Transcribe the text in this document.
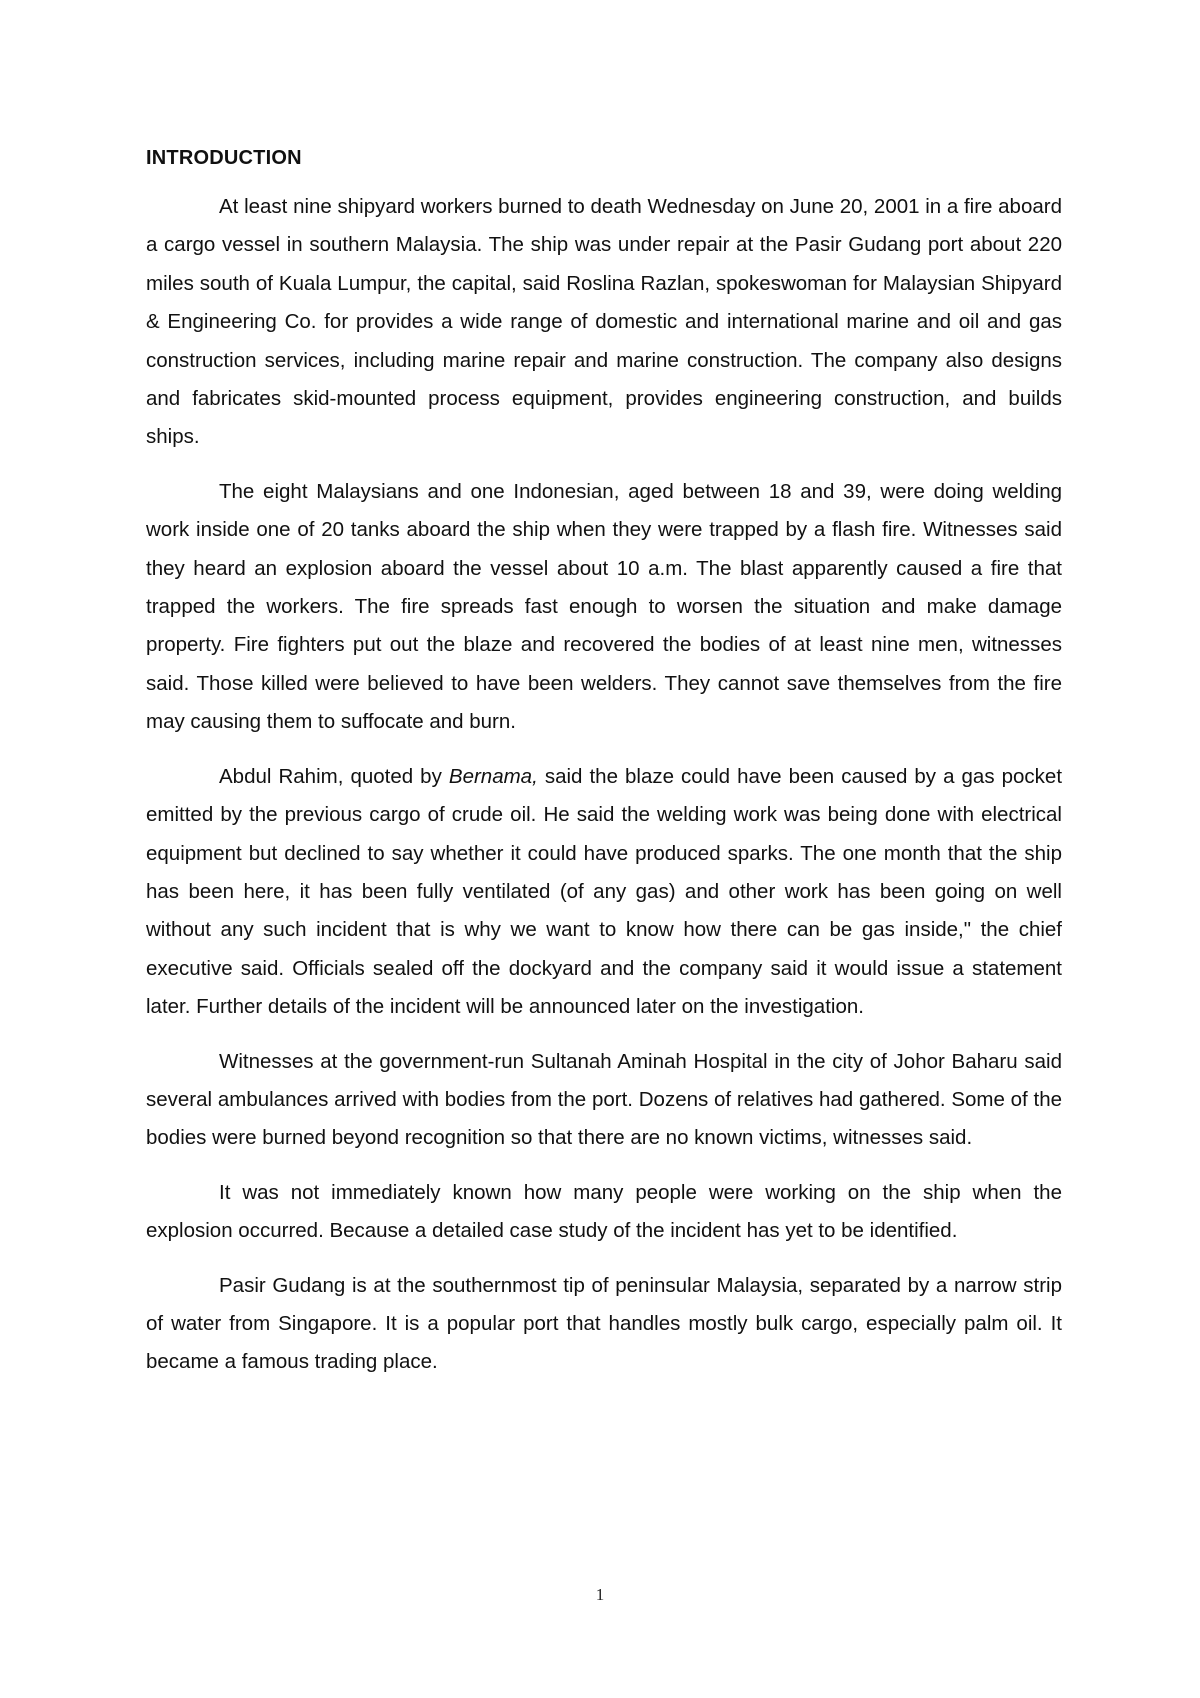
INTRODUCTION

At least nine shipyard workers burned to death Wednesday on June 20, 2001 in a fire aboard a cargo vessel in southern Malaysia. The ship was under repair at the Pasir Gudang port about 220 miles south of Kuala Lumpur, the capital, said Roslina Razlan, spokeswoman for Malaysian Shipyard & Engineering Co. for provides a wide range of domestic and international marine and oil and gas construction services, including marine repair and marine construction. The company also designs and fabricates skid-mounted process equipment, provides engineering construction, and builds ships.

The eight Malaysians and one Indonesian, aged between 18 and 39, were doing welding work inside one of 20 tanks aboard the ship when they were trapped by a flash fire. Witnesses said they heard an explosion aboard the vessel about 10 a.m. The blast apparently caused a fire that trapped the workers. The fire spreads fast enough to worsen the situation and make damage property. Fire fighters put out the blaze and recovered the bodies of at least nine men, witnesses said. Those killed were believed to have been welders. They cannot save themselves from the fire may causing them to suffocate and burn.

Abdul Rahim, quoted by Bernama, said the blaze could have been caused by a gas pocket emitted by the previous cargo of crude oil. He said the welding work was being done with electrical equipment but declined to say whether it could have produced sparks. The one month that the ship has been here, it has been fully ventilated (of any gas) and other work has been going on well without any such incident that is why we want to know how there can be gas inside," the chief executive said. Officials sealed off the dockyard and the company said it would issue a statement later. Further details of the incident will be announced later on the investigation.

Witnesses at the government-run Sultanah Aminah Hospital in the city of Johor Baharu said several ambulances arrived with bodies from the port. Dozens of relatives had gathered. Some of the bodies were burned beyond recognition so that there are no known victims, witnesses said.

It was not immediately known how many people were working on the ship when the explosion occurred. Because a detailed case study of the incident has yet to be identified.

Pasir Gudang is at the southernmost tip of peninsular Malaysia, separated by a narrow strip of water from Singapore. It is a popular port that handles mostly bulk cargo, especially palm oil. It became a famous trading place.

1
